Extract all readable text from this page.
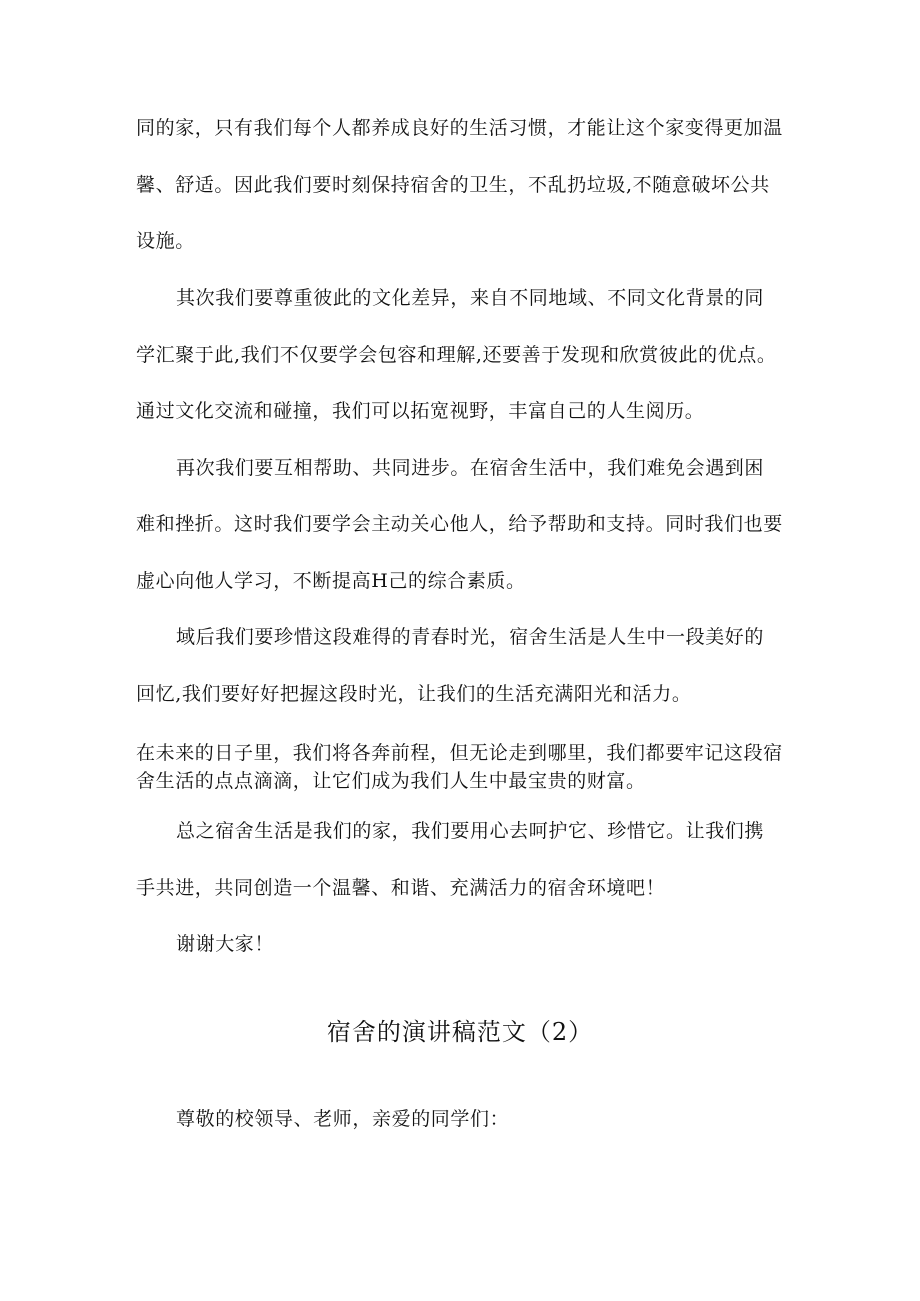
同的家，只有我们每个人都养成良好的生活习惯，才能让这个家变得更加温
馨、舒适。因此我们要时刻保持宿舍的卫生，不乱扔垃圾,不随意破坏公共
设施。
其次我们要尊重彼此的文化差异，来自不同地域、不同文化背景的同
学汇聚于此,我们不仅要学会包容和理解,还要善于发现和欣赏彼此的优点。
通过文化交流和碰撞，我们可以拓宽视野，丰富自己的人生阅历。
再次我们要互相帮助、共同进步。在宿舍生活中，我们难免会遇到困
难和挫折。这时我们要学会主动关心他人，给予帮助和支持。同时我们也要
虚心向他人学习，不断提高H己的综合素质。
域后我们要珍惜这段难得的青春时光，宿舍生活是人生中一段美好的
回忆,我们要好好把握这段时光，让我们的生活充满阳光和活力。
在未来的日子里，我们将各奔前程，但无论走到哪里，我们都要牢记这段宿
舍生活的点点滴滴，让它们成为我们人生中最宝贵的财富。
总之宿舍生活是我们的家，我们要用心去呵护它、珍惜它。让我们携
手共进，共同创造一个温馨、和谐、充满活力的宿舍环境吧！
谢谢大家！
宿舍的演讲稿范文（2）
尊敬的校领导、老师，亲爱的同学们：
